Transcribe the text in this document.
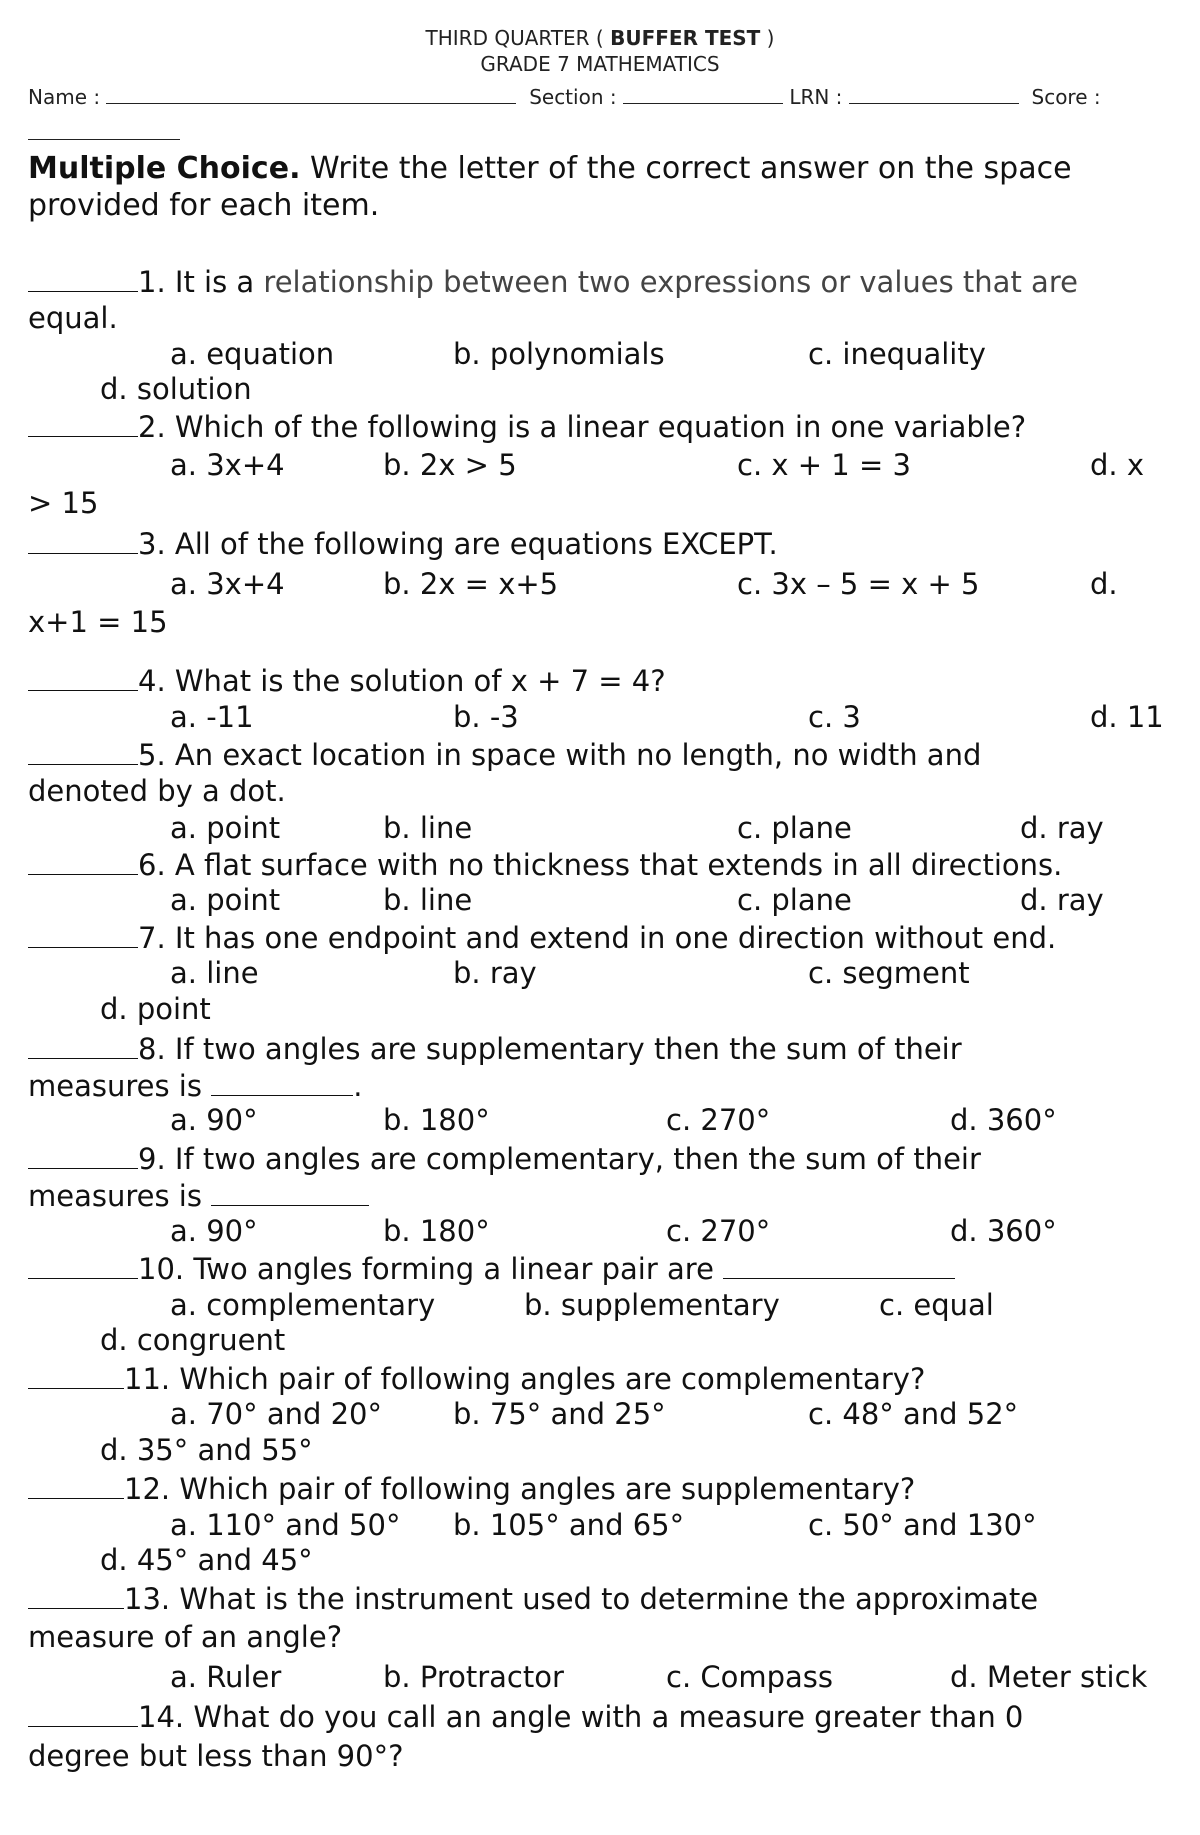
THIRD QUARTER ( BUFFER TEST )
GRADE 7 MATHEMATICS
Name :	Section :	LRN :	Score :

Multiple Choice. Write the letter of the correct answer on the space provided for each item.
1. It is a relationship between two expressions or values that are
equal.
a. equation	b. polynomials	c. inequality
d. solution
2. Which of the following is a linear equation in one variable?
a. 3x+4	b. 2x > 5	c. x + 1 = 3	d. x
> 15
3. All of the following are equations EXCEPT.
a. 3x+4	b. 2x = x+5	c. 3x – 5 = x + 5	d.
x+1 = 15
4. What is the solution of x + 7 = 4?
a. -11	b. -3	c. 3	d. 11
5. An exact location in space with no length, no width and
denoted by a dot.
a. point	b. line	c. plane	d. ray
6. A flat surface with no thickness that extends in all directions.
a. point	b. line	c. plane	d. ray
7. It has one endpoint and extend in one direction without end.
a. line	b. ray	c. segment
d. point
8. If two angles are supplementary then the sum of their
measures is	.
a. 90°	b. 180°	c. 270°	d. 360°
9. If two angles are complementary, then the sum of their
measures is
a. 90°	b. 180°	c. 270°	d. 360°
10. Two angles forming a linear pair are
a. complementary	b. supplementary	c. equal
d. congruent
11. Which pair of following angles are complementary?
a. 70° and 20° b. 75° and 25°	c. 48° and 52°
d. 35° and 55°
12. Which pair of following angles are supplementary?
a. 110° and 50° b. 105° and 65°	c. 50° and 130°
d. 45° and 45°
13. What is the instrument used to determine the approximate
measure of an angle?
a. Ruler	b. Protractor	c. Compass	d. Meter stick
14. What do you call an angle with a measure greater than 0
degree but less than 90°?
